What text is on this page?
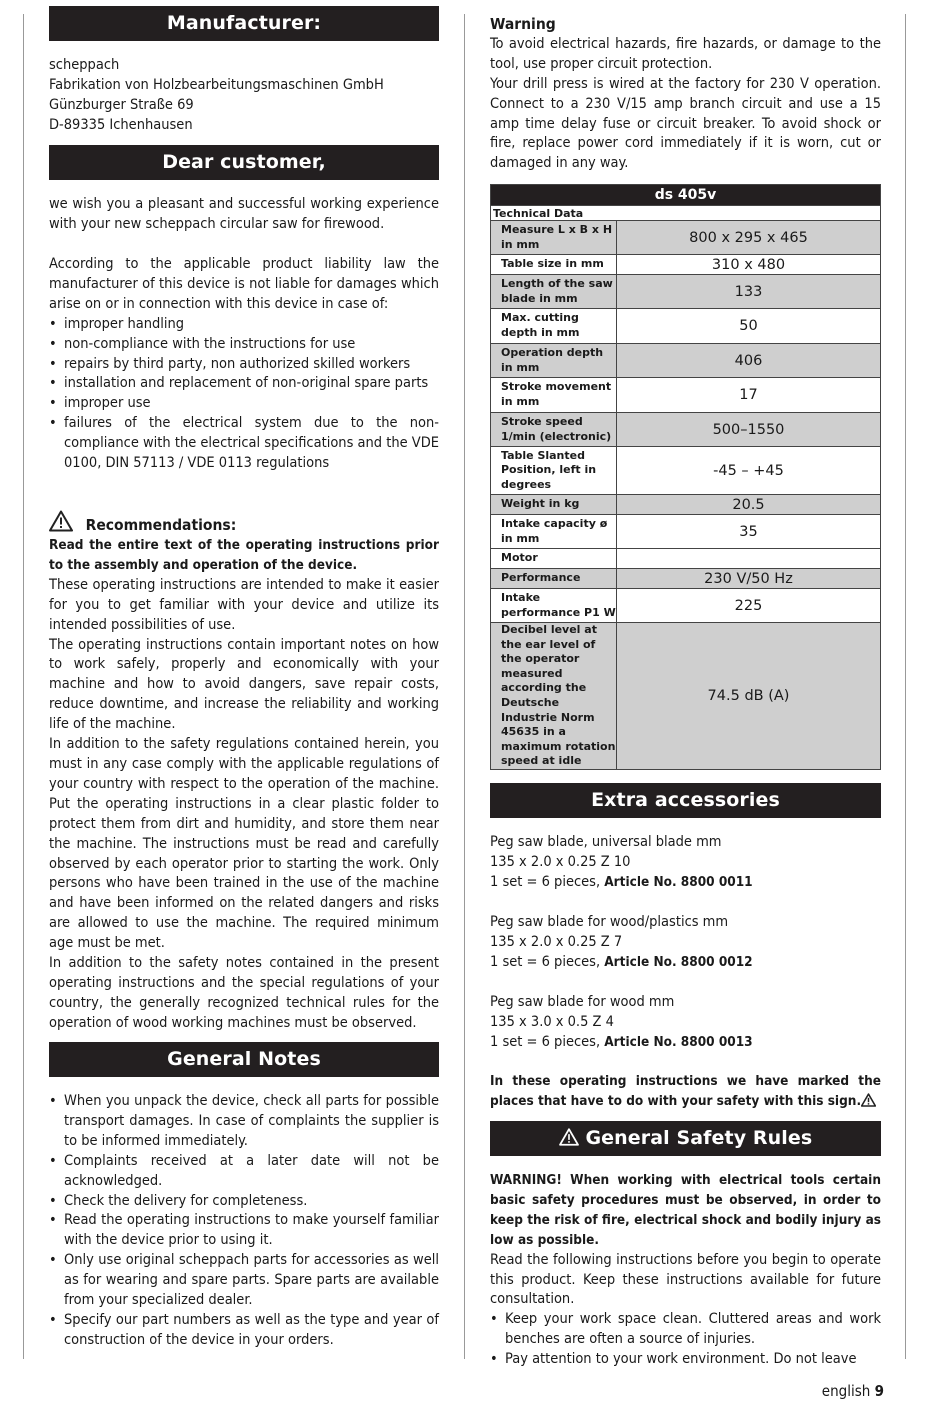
Manufacturer:

scheppach

Fabrikation von Holzbearbeitungsmaschinen GmbH

Günzburger Straße 69

D-89335 Ichenhausen

Dear customer,

we wish you a pleasant and successful working experience with your new scheppach circular saw for firewood.

According to the applicable product liability law the manufacturer of this device is not liable for damages which arise on or in connection with this device in case of:

• improper handling
• non-compliance with the instructions for use
• repairs by third party, non authorized skilled workers
• installation and replacement of non-original spare parts
• improper use
• failures of the electrical system due to the non-compliance with the electrical specifications and the VDE 0100, DIN 57113 / VDE 0113 regulations
Recommendations:

Read the entire text of the operating instructions prior to the assembly and operation of the device.

These operating instructions are intended to make it easier for you to get familiar with your device and utilize its intended possibilities of use.

The operating instructions contain important notes on how to work safely, properly and economically with your machine and how to avoid dangers, save repair costs, reduce downtime, and increase the reliability and working life of the machine.

In addition to the safety regulations contained herein, you must in any case comply with the applicable regulations of your country with respect to the operation of the machine. Put the operating instructions in a clear plastic folder to protect them from dirt and humidity, and store them near the machine. The instructions must be read and carefully observed by each operator prior to starting the work. Only persons who have been trained in the use of the machine and have been informed on the related dangers and risks are allowed to use the machine. The required minimum age must be met.

In addition to the safety notes contained in the present operating instructions and the special regulations of your country, the generally recognized technical rules for the operation of wood working machines must be observed.

General Notes
• When you unpack the device, check all parts for possible transport damages. In case of complaints the supplier is to be informed immediately.
• Complaints received at a later date will not be acknowledged.
• Check the delivery for completeness.
• Read the operating instructions to make yourself familiar with the device prior to using it.
• Only use original scheppach parts for accessories as well as for wearing and spare parts. Spare parts are available from your specialized dealer.
• Specify our part numbers as well as the type and year of construction of the device in your orders.

Warning

To avoid electrical hazards, fire hazards, or damage to the tool, use proper circuit protection.

Your drill press is wired at the factory for 230 V operation. Connect to a 230 V/15 amp branch circuit and use a 15 amp time delay fuse or circuit breaker. To avoid shock or fire, replace power cord immediately if it is worn, cut or damaged in any way.

ds 405v	
Technical Data	
Measure L x B x H in mm	800 x 295 x 465
Table size in mm	310 x 480
Length of the saw blade in mm	133
Max. cutting depth in mm	50
Operation depth in mm	406
Stroke movement in mm	17
Stroke speed 1/min (electronic)	500–1550
Table Slanted Position, left in degrees	-45 – +45
Weight in kg	20.5
Intake capacity ø in mm	35
Motor	
Performance	230 V/50 Hz
Intake performance P1 W	225
Decibel level at the ear level of the operator measured according the Deutsche Industrie Norm 45635 in a maximum rotation speed at idle	74.5 dB (A)
Extra accessories

Peg saw blade, universal blade mm

135 x 2.0 x 0.25 Z 10

1 set = 6 pieces, Article No. 8800 0011

Peg saw blade for wood/plastics mm

135 x 2.0 x 0.25 Z 7

1 set = 6 pieces, Article No. 8800 0012

Peg saw blade for wood mm

135 x 3.0 x 0.5 Z 4

1 set = 6 pieces, Article No. 8800 0013

In these operating instructions we have marked the places that have to do with your safety with this sign.

General Safety Rules

WARNING! When working with electrical tools certain basic safety procedures must be observed, in order to keep the risk of fire, electrical shock and bodily injury as low as possible.

Read the following instructions before you begin to operate this product. Keep these instructions available for future consultation.

• Keep your work space clean. Cluttered areas and work benches are often a source of injuries.
• Pay attention to your work environment. Do not leave
english 9
